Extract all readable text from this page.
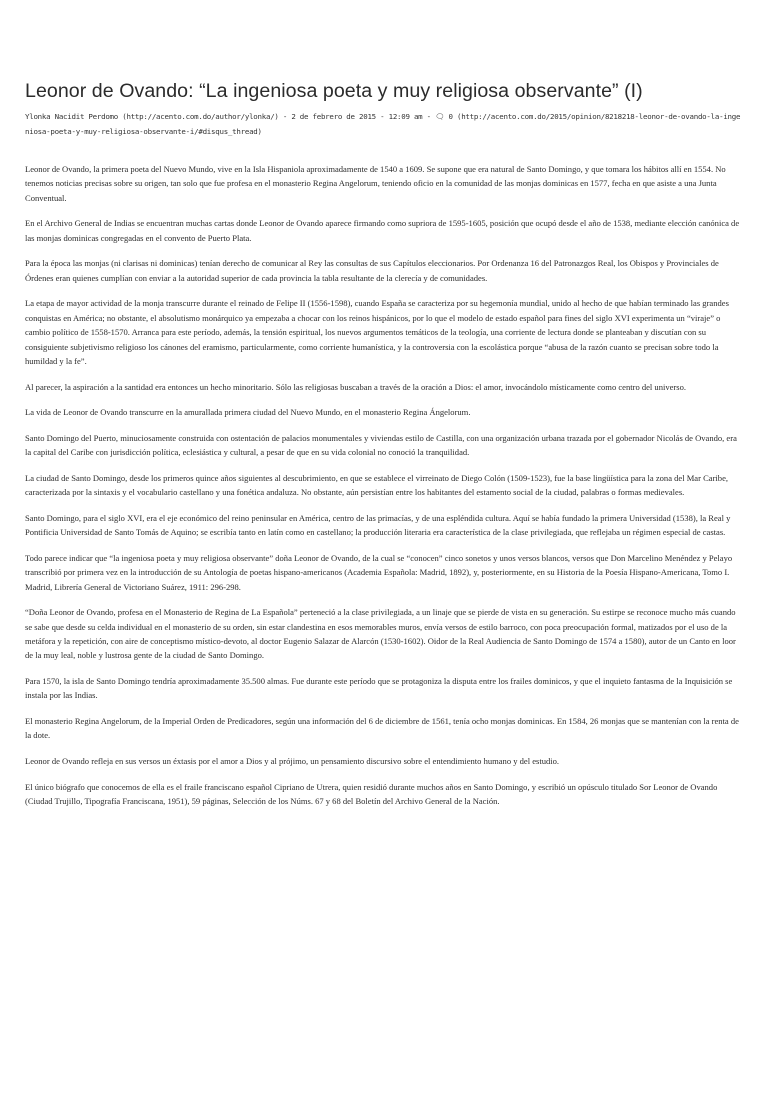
Leonor de Ovando: “La ingeniosa poeta y muy religiosa observante” (I)
Ylonka Nacidit Perdomo (http://acento.com.do/author/ylonka/) - 2 de febrero de 2015 - 12:09 am - 🗨 0 (http://acento.com.do/2015/opinion/8218218-leonor-de-ovando-la-ingeniosa-poeta-y-muy-religiosa-observante-i/#disqus_thread)

Leonor de Ovando, la primera poeta del Nuevo Mundo, vive en la Isla Hispaniola aproximadamente de 1540 a 1609. Se supone que era natural de Santo Domingo, y que tomara los hábitos allí en 1554. No tenemos noticias precisas sobre su origen, tan solo que fue profesa en el monasterio Regina Angelorum, teniendo oficio en la comunidad de las monjas dominicas en 1577, fecha en que asiste a una Junta Conventual.

En el Archivo General de Indias se encuentran muchas cartas donde Leonor de Ovando aparece firmando como supriora de 1595-1605, posición que ocupó desde el año de 1538, mediante elección canónica de las monjas dominicas congregadas en el convento de Puerto Plata.

Para la época las monjas (ni clarisas ni dominicas) tenían derecho de comunicar al Rey las consultas de sus Capítulos eleccionarios. Por Ordenanza 16 del Patronazgos Real, los Obispos y Provinciales de Órdenes eran quienes cumplían con enviar a la autoridad superior de cada provincia la tabla resultante de la clerecía y de comunidades.

La etapa de mayor actividad de la monja transcurre durante el reinado de Felipe II (1556-1598), cuando España se caracteriza por su hegemonía mundial, unido al hecho de que habían terminado las grandes conquistas en América; no obstante, el absolutismo monárquico ya empezaba a chocar con los reinos hispánicos, por lo que el modelo de estado español para fines del siglo XVI experimenta un “viraje” o cambio político de 1558-1570. Arranca para este período, además, la tensión espiritual, los nuevos argumentos temáticos de la teología, una corriente de lectura donde se planteaban y discutían con su consiguiente subjetivismo religioso los cánones del eramismo, particularmente, como corriente humanística, y la controversia con la escolástica porque “abusa de la razón cuanto se precisan sobre todo la humildad y la fe”.

Al parecer, la aspiración a la santidad era entonces un hecho minoritario. Sólo las religiosas buscaban a través de la oración a Dios: el amor, invocándolo místicamente como centro del universo.

La vida de Leonor de Ovando transcurre en la amurallada primera ciudad del Nuevo Mundo, en el monasterio Regina Ángelorum.

Santo Domingo del Puerto, minuciosamente construida con ostentación de palacios monumentales y viviendas estilo de Castilla, con una organización urbana trazada por el gobernador Nicolás de Ovando, era la capital del Caribe con jurisdicción política, eclesiástica y cultural, a pesar de que en su vida colonial no conoció la tranquilidad.

La ciudad de Santo Domingo, desde los primeros quince años siguientes al descubrimiento, en que se establece el virreinato de Diego Colón (1509-1523), fue la base lingüística para la zona del Mar Caribe, caracterizada por la sintaxis y el vocabulario castellano y una fonética andaluza. No obstante, aún persistían entre los habitantes del estamento social de la ciudad, palabras o formas medievales.

Santo Domingo, para el siglo XVI, era el eje económico del reino peninsular en América, centro de las primacías, y de una espléndida cultura. Aquí se había fundado la primera Universidad (1538), la Real y Pontificia Universidad de Santo Tomás de Aquino; se escribía tanto en latín como en castellano; la producción literaria era característica de la clase privilegiada, que reflejaba un régimen especial de castas.

Todo parece indicar que “la ingeniosa poeta y muy religiosa observante” doña Leonor de Ovando, de la cual se “conocen” cinco sonetos y unos versos blancos, versos que Don Marcelino Menéndez y Pelayo transcribió por primera vez en la introducción de su Antología de poetas hispano-americanos (Academia Española: Madrid, 1892), y, posteriormente, en su Historia de la Poesía Hispano-Americana, Tomo I. Madrid, Librería General de Victoriano Suárez, 1911: 296-298.

“Doña Leonor de Ovando, profesa en el Monasterio de Regina de La Española” perteneció a la clase privilegiada, a un linaje que se pierde de vista en su generación. Su estirpe se reconoce mucho más cuando se sabe que desde su celda individual en el monasterio de su orden, sin estar clandestina en esos memorables muros, envía versos de estilo barroco, con poca preocupación formal, matizados por el uso de la metáfora y la repetición, con aire de conceptismo místico-devoto, al doctor Eugenio Salazar de Alarcón (1530-1602). Oidor de la Real Audiencia de Santo Domingo de 1574 a 1580), autor de un Canto en loor de la muy leal, noble y lustrosa gente de la ciudad de Santo Domingo.

Para 1570, la isla de Santo Domingo tendría aproximadamente 35.500 almas. Fue durante este período que se protagoniza la disputa entre los frailes dominicos, y que el inquieto fantasma de la Inquisición se instala por las Indias.

El monasterio Regina Angelorum, de la Imperial Orden de Predicadores, según una información del 6 de diciembre de 1561, tenía ocho monjas dominicas. En 1584, 26 monjas que se mantenían con la renta de la dote.

Leonor de Ovando refleja en sus versos un éxtasis por el amor a Dios y al prójimo, un pensamiento discursivo sobre el entendimiento humano y del estudio.

El único biógrafo que conocemos de ella es el fraile franciscano español Cipriano de Utrera, quien residió durante muchos años en Santo Domingo, y escribió un opúsculo titulado Sor Leonor de Ovando (Ciudad Trujillo, Tipografía Franciscana, 1951), 59 páginas, Selección de los Núms. 67 y 68 del Boletín del Archivo General de la Nación.
